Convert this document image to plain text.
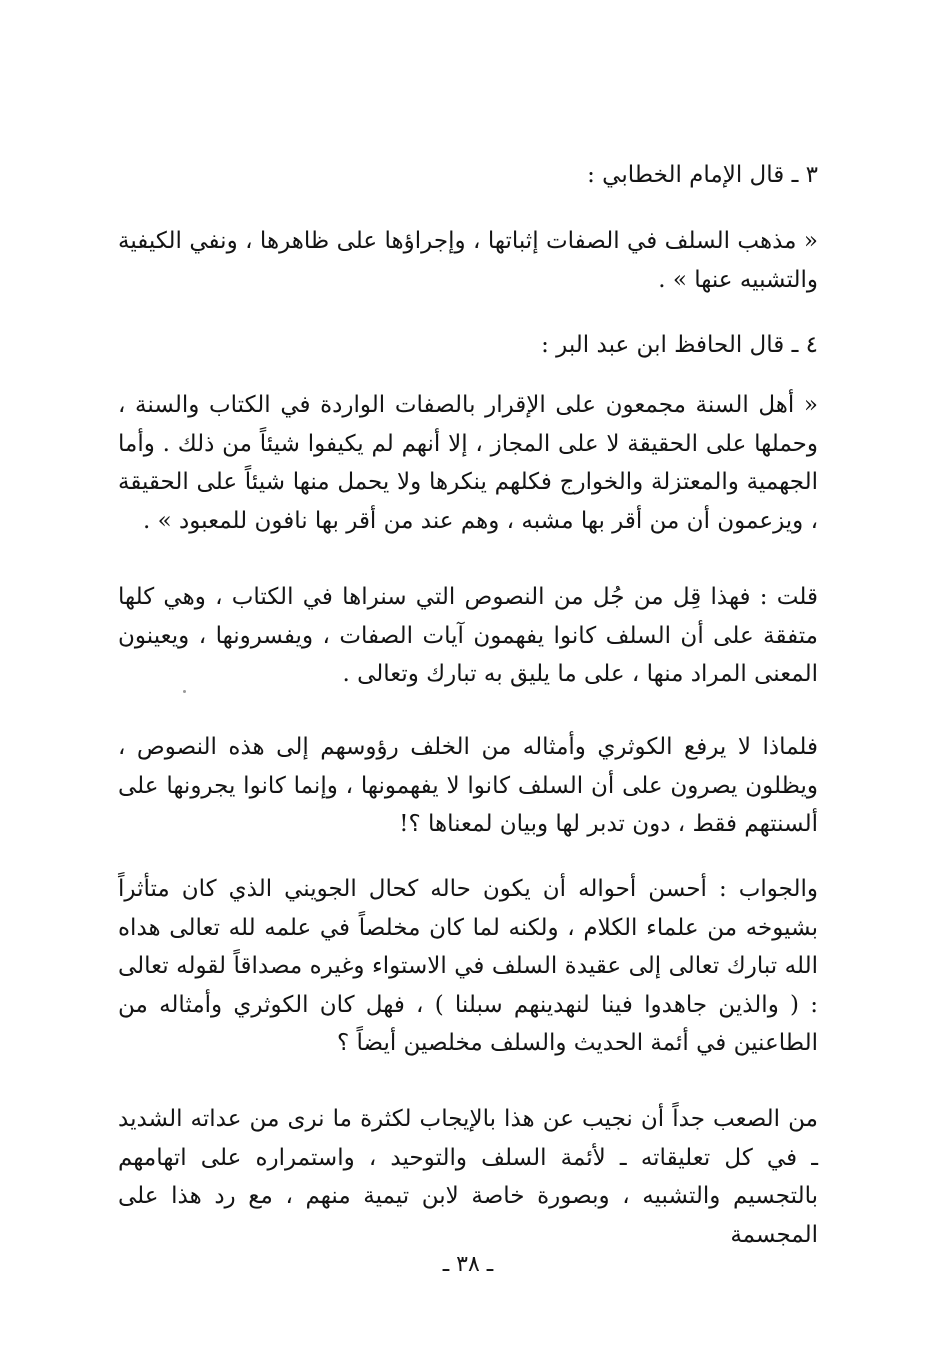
٣ ـ قال الإمام الخطابي :
« مذهب السلف في الصفات إثباتها ، وإجراؤها على ظاهرها ، ونفي الكيفية والتشبيه عنها » .
٤ ـ قال الحافظ ابن عبد البر :
« أهل السنة مجمعون على الإقرار بالصفات الواردة في الكتاب والسنة ، وحملها على الحقيقة لا على المجاز ، إلا أنهم لم يكيفوا شيئاً من ذلك . وأما الجهمية والمعتزلة والخوارج فكلهم ينكرها ولا يحمل منها شيئاً على الحقيقة ، ويزعمون أن من أقر بها مشبه ، وهم عند من أقر بها نافون للمعبود » .
قلت : فهذا قِل من جُل من النصوص التي سنراها في الكتاب ، وهي كلها متفقة على أن السلف كانوا يفهمون آيات الصفات ، ويفسرونها ، ويعينون المعنى المراد منها ، على ما يليق به تبارك وتعالى .
فلماذا لا يرفع الكوثري وأمثاله من الخلف رؤوسهم إلى هذه النصوص ، ويظلون يصرون على أن السلف كانوا لا يفهمونها ، وإنما كانوا يجرونها على ألسنتهم فقط ، دون تدبر لها وبيان لمعناها ؟!
والجواب : أحسن أحواله أن يكون حاله كحال الجويني الذي كان متأثراً بشيوخه من علماء الكلام ، ولكنه لما كان مخلصاً في علمه لله تعالى هداه الله تبارك تعالى إلى عقيدة السلف في الاستواء وغيره مصداقاً لقوله تعالى : ( والذين جاهدوا فينا لنهدينهم سبلنا ) ، فهل كان الكوثري وأمثاله من الطاعنين في أئمة الحديث والسلف مخلصين أيضاً ؟
من الصعب جداً أن نجيب عن هذا بالإيجاب لكثرة ما نرى من عداته الشديد ـ في كل تعليقاته ـ لأئمة السلف والتوحيد ، واستمراره على اتهامهم بالتجسيم والتشبيه ، وبصورة خاصة لابن تيمية منهم ، مع رد هذا على المجسمة
ـ ٣٨ ـ
